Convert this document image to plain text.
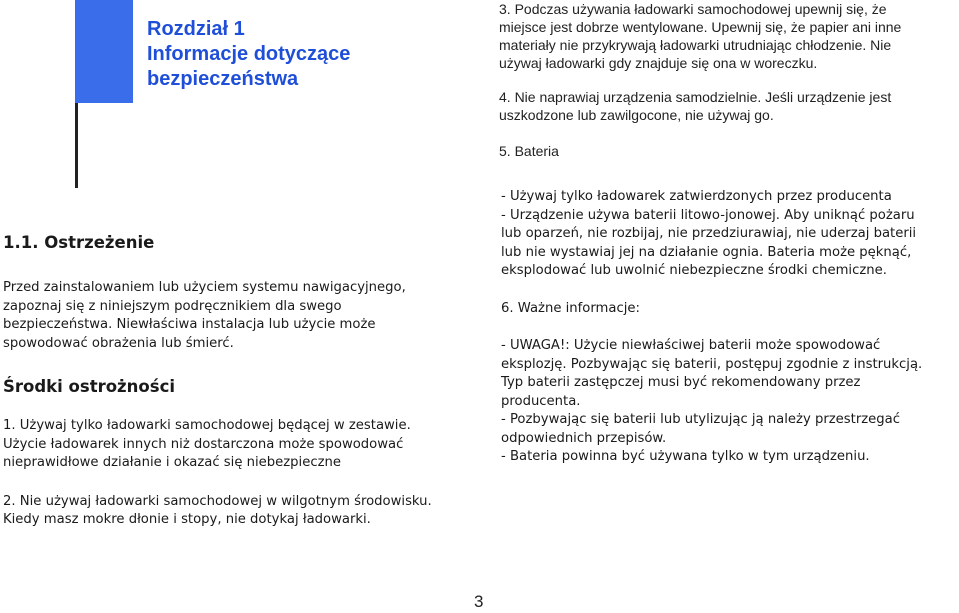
Rozdział 1
Informacje dotyczące
bezpieczeństwa

3. Podczas używania ładowarki samochodowej upewnij się, że

miejsce jest dobrze wentylowane. Upewnij się, że papier ani inne

materiały nie przykrywają ładowarki utrudniając chłodzenie. Nie

używaj ładowarki gdy znajduje się ona w woreczku.

4. Nie naprawiaj urządzenia samodzielnie. Jeśli urządzenie jest

uszkodzone lub zawilgocone, nie używaj go.

5. Bateria

- Używaj tylko ładowarek zatwierdzonych przez producenta

- Urządzenie używa baterii litowo-jonowej. Aby uniknąć pożaru

lub oparzeń, nie rozbijaj, nie przedziurawiaj, nie uderzaj baterii

lub nie wystawiaj jej na działanie ognia. Bateria może pęknąć,

eksplodować lub uwolnić niebezpieczne środki chemiczne.

6. Ważne informacje:

- UWAGA!: Użycie niewłaściwej baterii może spowodować

eksplozję. Pozbywając się baterii, postępuj zgodnie z instrukcją.

Typ baterii zastępczej musi być rekomendowany przez

producenta.

- Pozbywając się baterii lub utylizując ją należy przestrzegać

odpowiednich przepisów.

- Bateria powinna być używana tylko w tym urządzeniu.

1.1. Ostrzeżenie

Przed zainstalowaniem lub użyciem systemu nawigacyjnego,

zapoznaj się z niniejszym podręcznikiem dla swego

bezpieczeństwa. Niewłaściwa instalacja lub użycie może

spowodować obrażenia lub śmierć.

Środki ostrożności

1. Używaj tylko ładowarki samochodowej będącej w zestawie.

Użycie ładowarek innych niż dostarczona może spowodować

nieprawidłowe działanie i okazać się niebezpieczne

2. Nie używaj ładowarki samochodowej w wilgotnym środowisku.

Kiedy masz mokre dłonie i stopy, nie dotykaj ładowarki.

3
